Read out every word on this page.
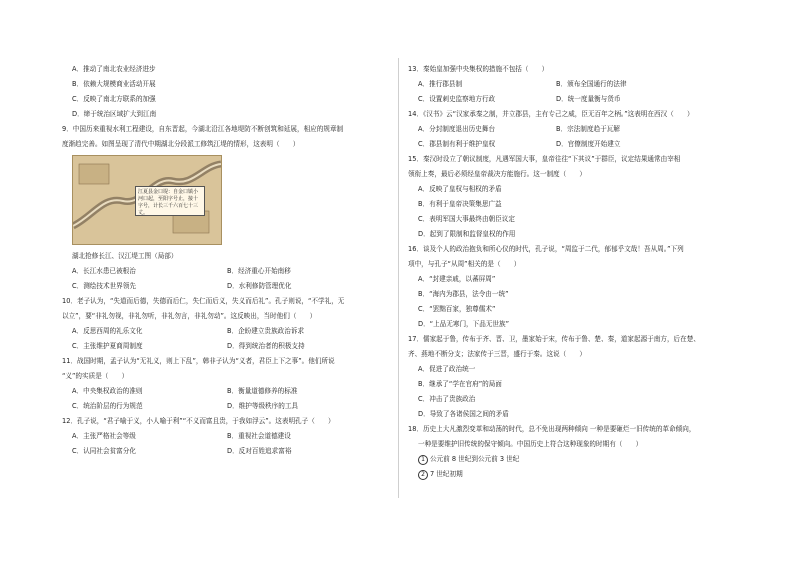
A．推动了南北农业经济进步
B．依赖大规模商业活动开展
C．反映了南北方联系的加强
D．缔于统治区域扩大到江南
9．中国历来重视水利工程建设，自东晋起，今湖北沿江各地堤防不断创筑和延展，相应的规章制
度渐趋完善。如图呈现了清代中期湖北分段派工修筑江堤的情形，这表明（　　）
江夏县金口堤：自金口镇小河口起，至阳字号止，接十字号，计长三千六百七十三丈。
湖北抢修长江、汉江堤工图（局部）
A．长江水患已被根治	B．经济重心开始南移
C．测绘技术世界领先	D．水利修防管理优化
10．老子认为，“失道而后德，失德而后仁，失仁而后义，失义而后礼”。孔子则说，“不学礼，无
以立”，要“非礼勿视，非礼勿听，非礼勿言，非礼勿动”。这反映出，当时他们（　　）
A．反思西周的礼乐文化	B．企盼建立贵族政治诉求
C．主张维护夏商周制度	D．得到统治者的积极支持
11．战国时期，孟子认为“无礼义，则上下乱”，韩非子认为“义者，君臣上下之事”。他们所说
“义”的实质是（　　）
A．中央集权政治的准则	B．衡量道德修养的标准
C．统治阶层的行为规范	D．维护等级秩序的工具
12．孔子说，“君子喻于义，小人喻于利”“不义而富且贵，于我如浮云”。这表明孔子（　　）
A．主张严格社会等级	B．重视社会道德建设
C．认同社会贫富分化	D．反对百姓追求富裕
13．秦始皇加强中央集权的措施不包括（　　）
A．推行郡县制	B．颁布全国通行的法律
C．设置刺史监察地方行政	D．统一度量衡与货币
14．《汉书》云“汉家承秦之制，并立郡县，主有专己之威，臣无百年之柄。”这表明在西汉（　　）
A．分封制度退出历史舞台	B．宗法制度趋于瓦解
C．郡县制有利于维护皇权	D．官僚制度开始建立
15．秦汉时设立了朝议制度，凡遇军国大事，皇帝往往“下其议”于群臣，议定结果通常由宰相
领衔上奏，最后必须经皇帝裁决方能施行。这一制度（　　）
A．反映了皇权与相权的矛盾
B．有利于皇帝决策集思广益
C．表明军国大事最终由朝臣议定
D．起到了限制和监督皇权的作用
16．谈及个人的政治抱负和所心仪的时代，孔子说，“周监于二代，郁郁乎文哉！吾从周。”下列
项中，与孔子“从周”相关的是（　　）
A．“封建亲戚，以蕃屏周”
B．“海内为郡县，法令由一统”
C．“罢黜百家，独尊儒术”
D．“上品无寒门，下品无世族”
17．儒家起于鲁，传布于齐、晋、卫，墨家始于宋，传布于鲁、楚、秦，道家起源于南方，后在楚、
齐、燕地不断分支；法家传于三晋，盛行于秦。这说（　　）
A．促进了政治统一
B．继承了“学在官府”的局面
C．冲击了贵族政治
D．导致了各诸侯国之间的矛盾
18．历史上大凡激烈变革和动荡的时代，总不免出现两种倾向 一种是要砸烂一旧传统的革命倾向，
一种是要维护旧传统的保守倾向。中国历史上符合这种现象的时期有（　　）
1 公元前 8 世纪到公元前 3 世纪
2 7 世纪初期
